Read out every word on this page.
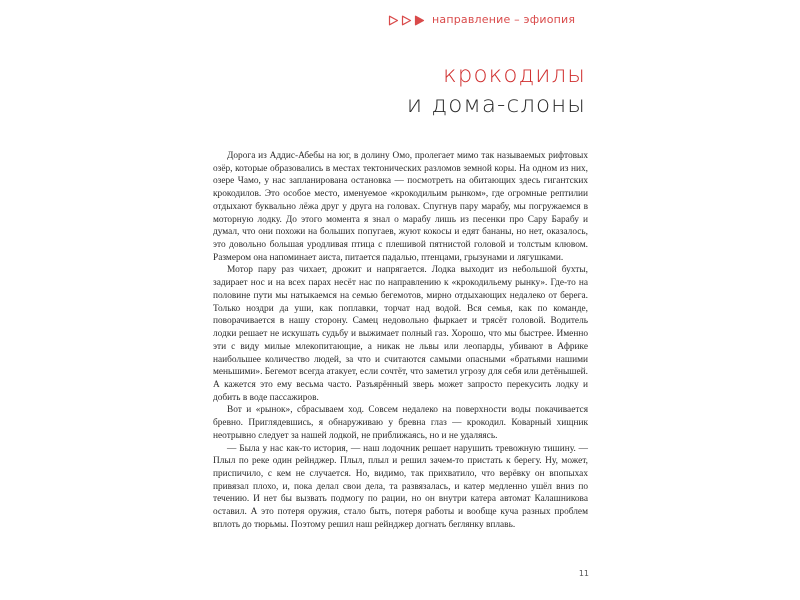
направление – эфиопия
крокодилы
и дома-слоны

Дорога из Аддис-Абебы на юг, в долину Омо, пролегает мимо так называемых рифтовых озёр, которые образовались в местах тектонических разломов земной коры. На одном из них, озере Чамо, у нас запланирована остановка — посмотреть на обитающих здесь гигантских крокодилов. Это особое место, именуемое «крокодильим рынком», где огромные рептилии отдыхают буквально лёжа друг у друга на головах. Спугнув пару марабу, мы погружаемся в моторную лодку. До этого момента я знал о марабу лишь из песенки про Сару Барабу и думал, что они похожи на больших попугаев, жуют кокосы и едят бананы, но нет, оказалось, это довольно большая уродливая птица с плешивой пятнистой головой и толстым клювом. Размером она напоминает аиста, питается падалью, птенцами, грызунами и лягушками.

Мотор пару раз чихает, дрожит и напрягается. Лодка выходит из небольшой бухты, задирает нос и на всех парах несёт нас по направлению к «крокодильему рынку». Где-то на половине пути мы натыкаемся на семью бегемотов, мирно отдыхающих недалеко от берега. Только ноздри да уши, как поплавки, торчат над водой. Вся семья, как по команде, поворачивается в нашу сторону. Самец недовольно фыркает и трясёт головой. Водитель лодки решает не искушать судьбу и выжимает полный газ. Хорошо, что мы быстрее. Именно эти с виду милые млекопитающие, а никак не львы или леопарды, убивают в Африке наибольшее количество людей, за что и считаются самыми опасными «братьями нашими меньшими». Бегемот всегда атакует, если сочтёт, что заметил угрозу для себя или детёнышей. А кажется это ему весьма часто. Разъярённый зверь может запросто перекусить лодку и добить в воде пассажиров.

Вот и «рынок», сбрасываем ход. Совсем недалеко на поверхности воды покачивается бревно. Приглядевшись, я обнаруживаю у бревна глаз — крокодил. Коварный хищник неотрывно следует за нашей лодкой, не приближаясь, но и не удаляясь.

— Была у нас как-то история, — наш лодочник решает нарушить тревожную тишину. — Плыл по реке один рейнджер. Плыл, плыл и решил зачем-то пристать к берегу. Ну, может, приспичило, с кем не случается. Но, видимо, так прихватило, что верёвку он впопыхах привязал плохо, и, пока делал свои дела, та развязалась, и катер медленно ушёл вниз по течению. И нет бы вызвать подмогу по рации, но он внутри катера автомат Калашникова оставил. А это потеря оружия, стало быть, потеря работы и вообще куча разных проблем вплоть до тюрьмы. Поэтому решил наш рейнджер догнать беглянку вплавь.

11
